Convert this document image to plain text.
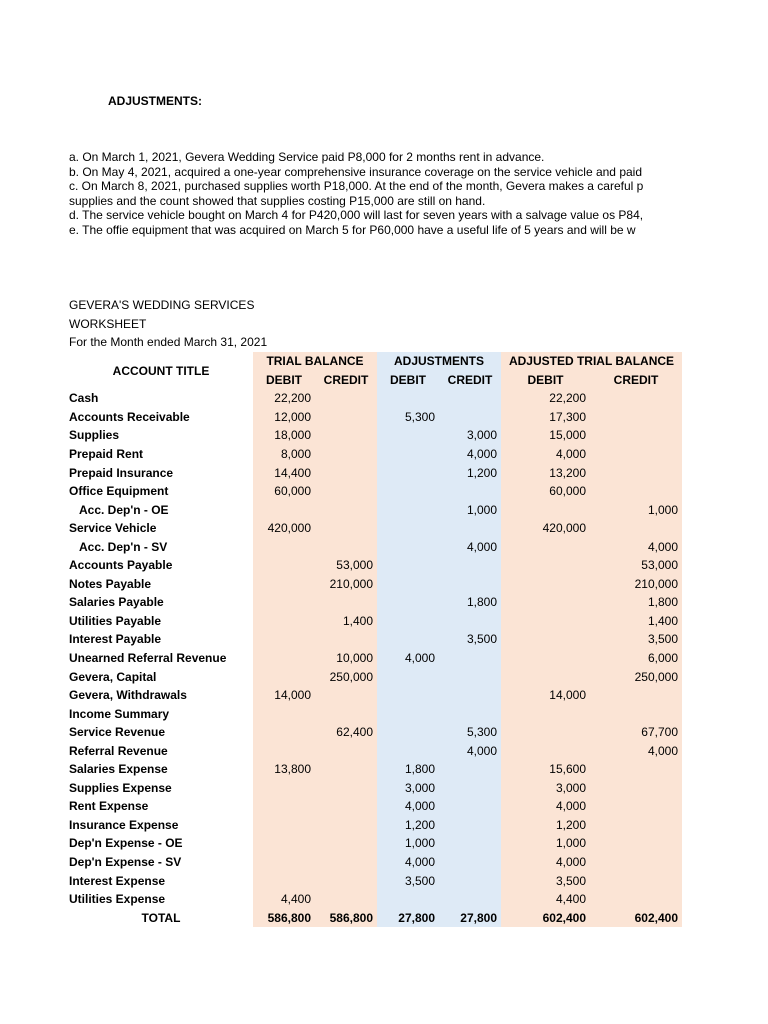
ADJUSTMENTS:
a. On March 1, 2021, Gevera Wedding Service paid P8,000 for 2 months rent in advance.
b. On May 4, 2021, acquired a one-year comprehensive insurance coverage on the service vehicle and paid
c. On March 8, 2021, purchased supplies worth P18,000. At the end of the month, Gevera makes a careful p
supplies and the count showed that supplies costing P15,000 are still on hand.
d. The service vehicle bought on March 4 for P420,000 will last for seven years with a salvage value os P84,
e. The offie equipment that was acquired on March 5 for P60,000 have a useful life of 5 years and will be w
GEVERA'S WEDDING SERVICES
WORKSHEET
For the Month ended March 31, 2021
ACCOUNT TITLE	TRIAL BALANCE		ADJUSTMENTS		ADJUSTED TRIAL BALANCE	
	DEBIT	CREDIT	DEBIT	CREDIT	DEBIT	CREDIT
Cash	22,200				22,200	
Accounts Receivable	12,000		5,300		17,300	
Supplies	18,000			3,000	15,000	
Prepaid Rent	8,000			4,000	4,000	
Prepaid Insurance	14,400			1,200	13,200	
Office Equipment	60,000				60,000	
Acc. Dep'n - OE				1,000		1,000
Service Vehicle	420,000				420,000	
Acc. Dep'n - SV				4,000		4,000
Accounts Payable		53,000				53,000
Notes Payable		210,000				210,000
Salaries Payable				1,800		1,800
Utilities Payable		1,400				1,400
Interest Payable				3,500		3,500
Unearned Referral Revenue		10,000	4,000			6,000
Gevera, Capital		250,000				250,000
Gevera, Withdrawals	14,000				14,000	
Income Summary						
Service Revenue		62,400		5,300		67,700
Referral Revenue				4,000		4,000
Salaries Expense	13,800		1,800		15,600	
Supplies Expense			3,000		3,000	
Rent Expense			4,000		4,000	
Insurance Expense			1,200		1,200	
Dep'n Expense - OE			1,000		1,000	
Dep'n Expense - SV			4,000		4,000	
Interest Expense			3,500		3,500	
Utilities Expense	4,400				4,400	
TOTAL	586,800	586,800	27,800	27,800	602,400	602,400
